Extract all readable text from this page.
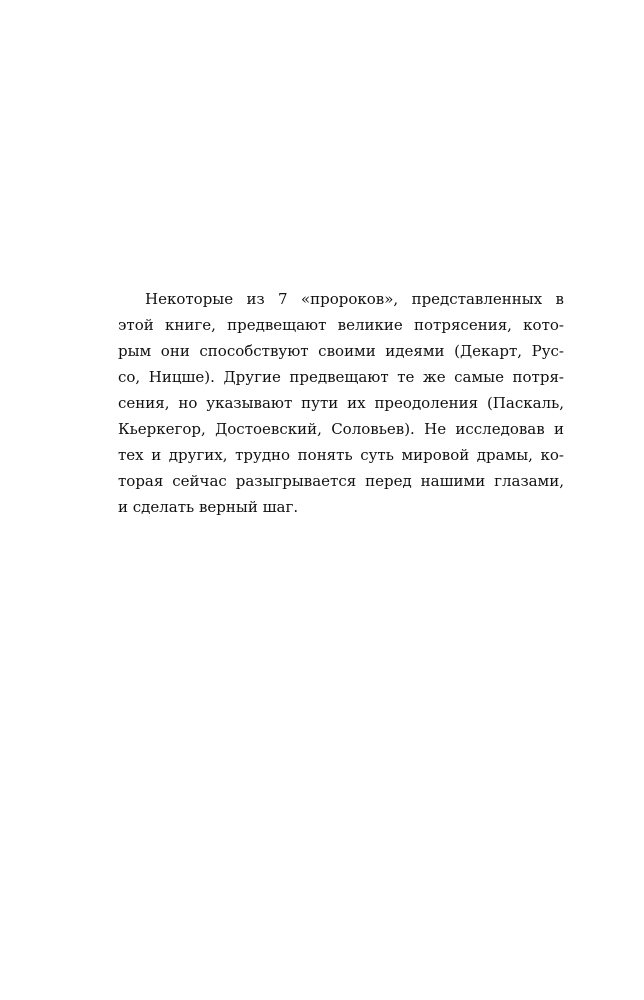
Некоторые из 7 «пророков», представленных в
этой книге, предвещают великие потрясения, кото-
рым они способствуют своими идеями (Декарт, Рус-
со, Ницше). Другие предвещают те же самые потря-
сения, но указывают пути их преодоления (Паскаль,
Кьеркегор, Достоевский, Соловьев). Не исследовав и
тех и других, трудно понять суть мировой драмы, ко-
торая сейчас разыгрывается перед нашими глазами,
и сделать верный шаг.
